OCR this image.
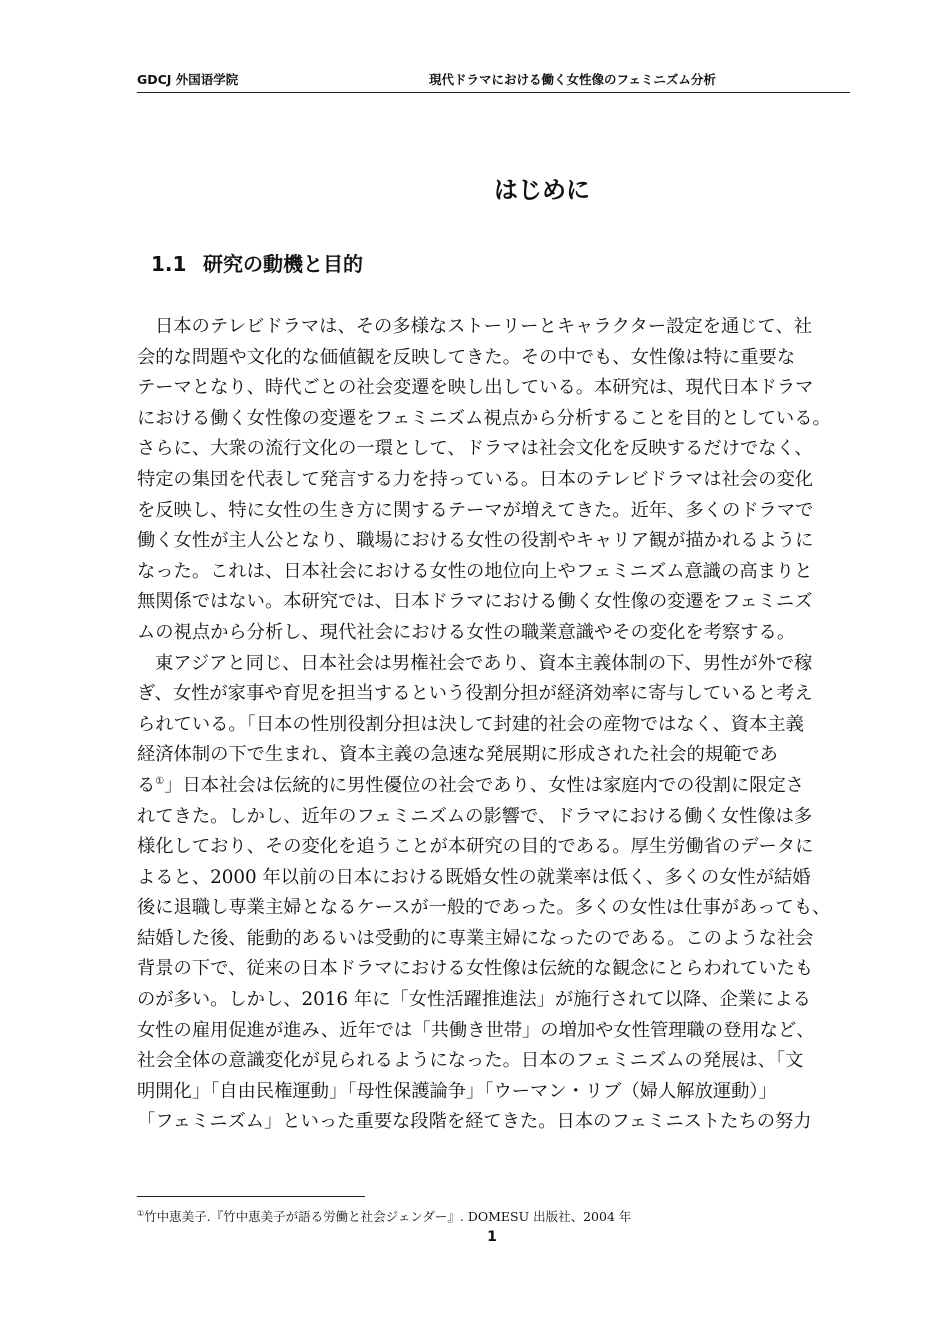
GDCJ 外国语学院	現代ドラマにおける働く女性像のフェミニズム分析
はじめに
1.1 研究の動機と目的
日本のテレビドラマは、その多様なストーリーとキャラクター設定を通じて、社
会的な問題や文化的な価値観を反映してきた。その中でも、女性像は特に重要な
テーマとなり、時代ごとの社会変遷を映し出している。本研究は、現代日本ドラマ
における働く女性像の変遷をフェミニズム視点から分析することを目的としている。
さらに、大衆の流行文化の一環として、ドラマは社会文化を反映するだけでなく、
特定の集団を代表して発言する力を持っている。日本のテレビドラマは社会の変化
を反映し、特に女性の生き方に関するテーマが増えてきた。近年、多くのドラマで
働く女性が主人公となり、職場における女性の役割やキャリア観が描かれるように
なった。これは、日本社会における女性の地位向上やフェミニズム意識の高まりと
無関係ではない。本研究では、日本ドラマにおける働く女性像の変遷をフェミニズ
ムの視点から分析し、現代社会における女性の職業意識やその変化を考察する。
東アジアと同じ、日本社会は男権社会であり、資本主義体制の下、男性が外で稼
ぎ、女性が家事や育児を担当するという役割分担が経済効率に寄与していると考え
られている。「日本の性別役割分担は決して封建的社会の産物ではなく、資本主義
経済体制の下で生まれ、資本主義の急速な発展期に形成された社会的規範であ
る①」日本社会は伝統的に男性優位の社会であり、女性は家庭内での役割に限定さ
れてきた。しかし、近年のフェミニズムの影響で、ドラマにおける働く女性像は多
様化しており、その変化を追うことが本研究の目的である。厚生労働省のデータに
よると、2000 年以前の日本における既婚女性の就業率は低く、多くの女性が結婚
後に退職し専業主婦となるケースが一般的であった。多くの女性は仕事があっても、
結婚した後、能動的あるいは受動的に専業主婦になったのである。このような社会
背景の下で、従来の日本ドラマにおける女性像は伝統的な観念にとらわれていたも
のが多い。しかし、2016 年に「女性活躍推進法」が施行されて以降、企業による
女性の雇用促進が進み、近年では「共働き世帯」の増加や女性管理職の登用など、
社会全体の意識変化が見られるようになった。日本のフェミニズムの発展は、「文
明開化」「自由民権運動」「母性保護論争」「ウーマン・リブ（婦人解放運動）」
「フェミニズム」といった重要な段階を経てきた。日本のフェミニストたちの努力
①竹中恵美子.『竹中恵美子が語る労働と社会ジェンダー』. DOMESU 出版社、2004 年
1
